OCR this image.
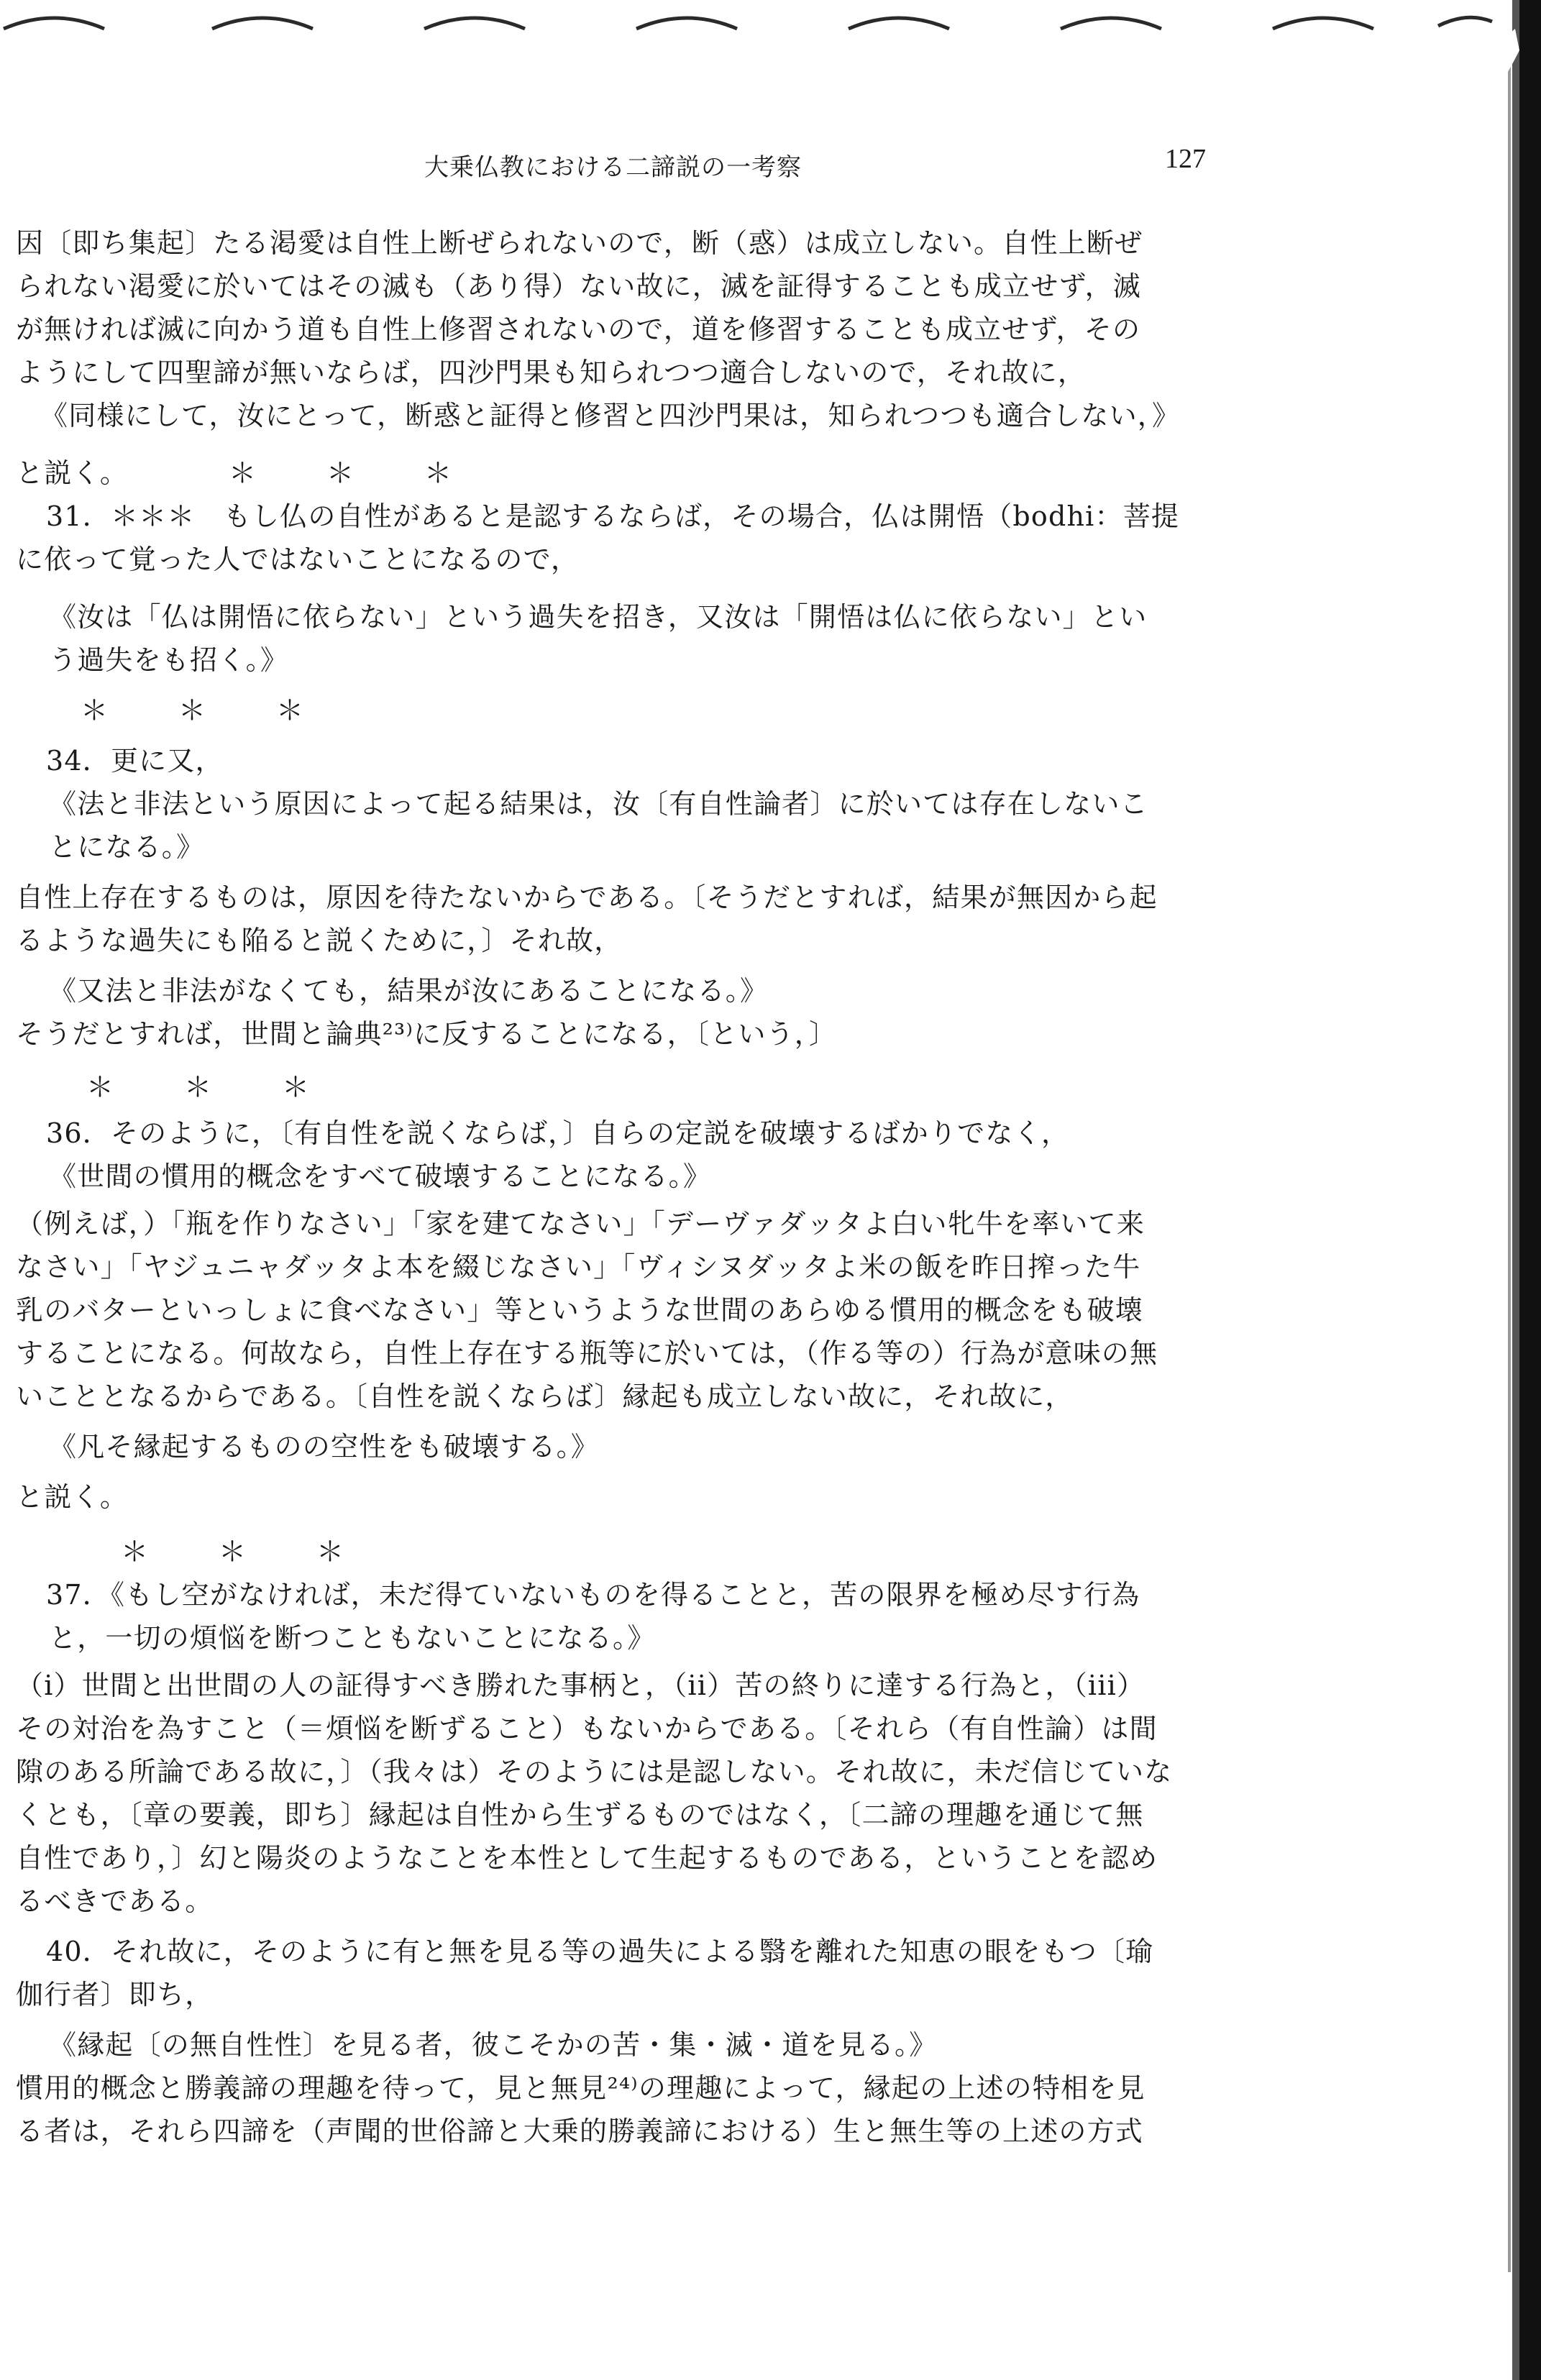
大乗仏教における二諦説の一考察	127
因〔即ち集起〕たる渇愛は自性上断ぜられないので，断（惑）は成立しない。自性上断ぜ
られない渇愛に於いてはその滅も（あり得）ない故に，滅を証得することも成立せず，滅
が無ければ滅に向かう道も自性上修習されないので，道を修習することも成立せず，その
ようにして四聖諦が無いならば，四沙門果も知られつつ適合しないので，それ故に，
《同様にして，汝にとって，断惑と証得と修習と四沙門果は，知られつつも適合しない，》
と説く。	＊　＊　＊
31．＊＊＊　もし仏の自性があると是認するならば，その場合，仏は開悟（bodhi：菩提
に依って覚った人ではないことになるので，
《汝は「仏は開悟に依らない」という過失を招き，又汝は「開悟は仏に依らない」とい
う過失をも招く。》
＊　＊　＊
34．更に又，
《法と非法という原因によって起る結果は，汝〔有自性論者〕に於いては存在しないこ
とになる。》
自性上存在するものは，原因を待たないからである。〔そうだとすれば，結果が無因から起
るような過失にも陥ると説くために，〕それ故，
《又法と非法がなくても，結果が汝にあることになる。》
そうだとすれば，世間と論典²³⁾に反することになる，〔という，〕
＊　＊　＊
36．そのように，〔有自性を説くならば，〕自らの定説を破壊するばかりでなく，
《世間の慣用的概念をすべて破壊することになる。》
（例えば，）「瓶を作りなさい」「家を建てなさい」「デーヴァダッタよ白い牝牛を率いて来
なさい」「ヤジュニャダッタよ本を綴じなさい」「ヴィシヌダッタよ米の飯を昨日搾った牛
乳のバターといっしょに食べなさい」等というような世間のあらゆる慣用的概念をも破壊
することになる。何故なら，自性上存在する瓶等に於いては，（作る等の）行為が意味の無
いこととなるからである。〔自性を説くならば〕縁起も成立しない故に，それ故に，
《凡そ縁起するものの空性をも破壊する。》
と説く。
＊　＊　＊
37．《もし空がなければ，未だ得ていないものを得ることと，苦の限界を極め尽す行為
と，一切の煩悩を断つこともないことになる。》
（i）世間と出世間の人の証得すべき勝れた事柄と，（ii）苦の終りに達する行為と，（iii）
その対治を為すこと（＝煩悩を断ずること）もないからである。〔それら（有自性論）は間
隙のある所論である故に，〕（我々は）そのようには是認しない。それ故に，未だ信じていな
くとも，〔章の要義，即ち〕縁起は自性から生ずるものではなく，〔二諦の理趣を通じて無
自性であり，〕幻と陽炎のようなことを本性として生起するものである，ということを認め
るべきである。
40．それ故に，そのように有と無を見る等の過失による翳を離れた知恵の眼をもつ〔瑜
伽行者〕即ち，
《縁起〔の無自性性〕を見る者，彼こそかの苦・集・滅・道を見る。》
慣用的概念と勝義諦の理趣を待って，見と無見²⁴⁾の理趣によって，縁起の上述の特相を見
る者は，それら四諦を（声聞的世俗諦と大乗的勝義諦における）生と無生等の上述の方式
